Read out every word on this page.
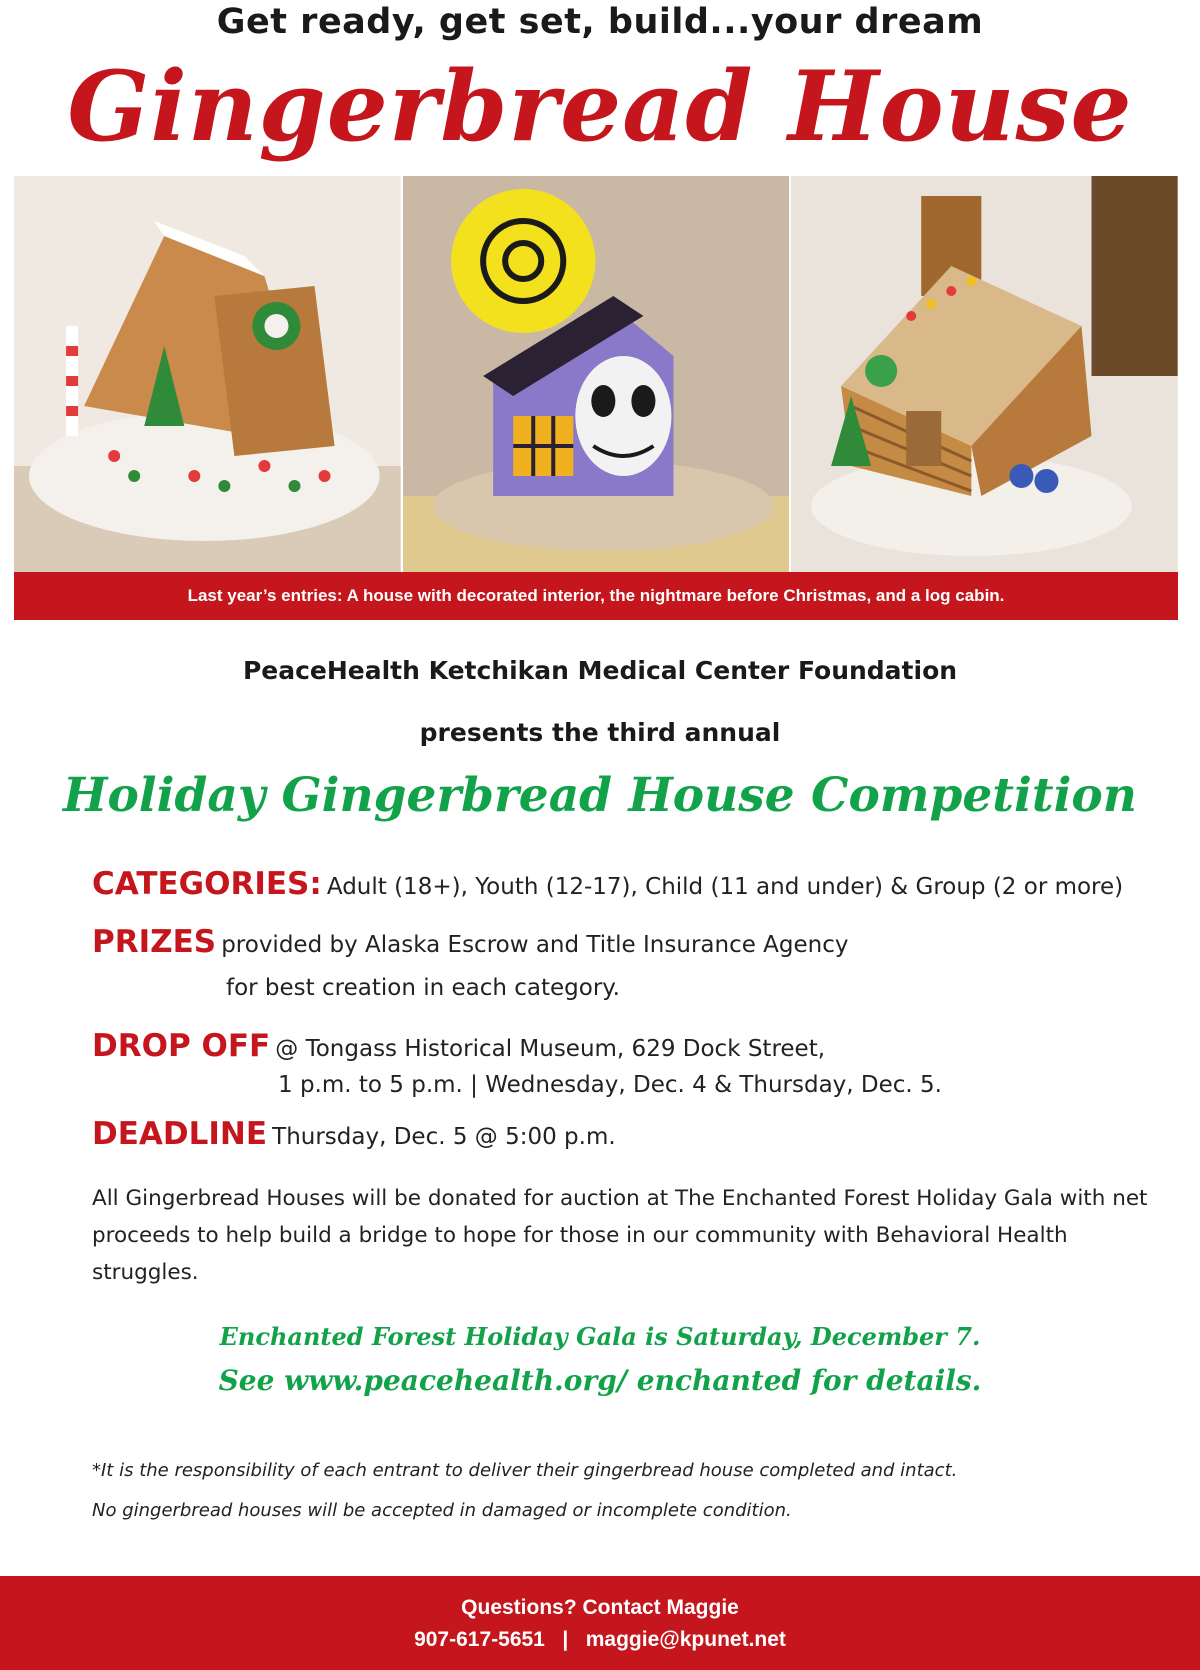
Get ready, get set, build...your dream
Gingerbread House
Last year’s entries: A house with decorated interior, the nightmare before Christmas, and a log cabin.
PeaceHealth Ketchikan Medical Center Foundation
presents the third annual
Holiday Gingerbread House Competition
CATEGORIES: Adult (18+), Youth (12-17), Child (11 and under) & Group (2 or more)
PRIZES provided by Alaska Escrow and Title Insurance Agency
for best creation in each category.
DROP OFF @ Tongass Historical Museum, 629 Dock Street,
1 p.m. to 5 p.m. | Wednesday, Dec. 4 & Thursday, Dec. 5.
DEADLINE Thursday, Dec. 5 @ 5:00 p.m.
All Gingerbread Houses will be donated for auction at The Enchanted Forest Holiday Gala with net proceeds to help build a bridge to hope for those in our community with Behavioral Health struggles.
Enchanted Forest Holiday Gala is Saturday, December 7.
See www.peacehealth.org/ enchanted for details.
*It is the responsibility of each entrant to deliver their gingerbread house completed and intact.
No gingerbread houses will be accepted in damaged or incomplete condition.
Questions? Contact Maggie
907-617-5651   |   maggie@kpunet.net
